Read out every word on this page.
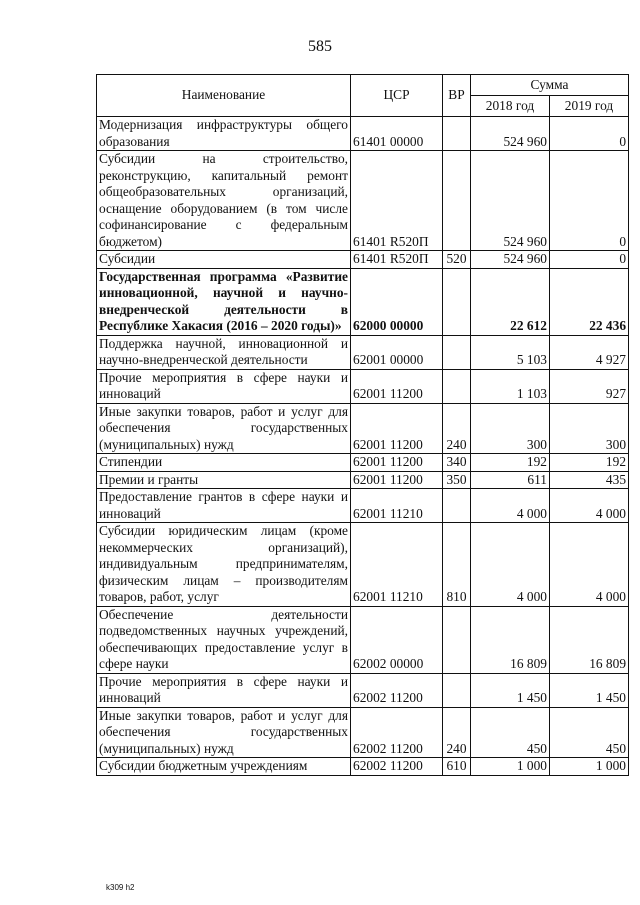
585
Наименование	ЦСР	ВР	Сумма	
			2018 год	2019 год
Модернизация инфраструктуры общего образования	61401 00000		524 960	0
Субсидии на строительство, реконструкцию, капитальный ремонт общеобразовательных организаций, оснащение оборудованием (в том числе софинансирование с федеральным бюджетом)	61401 R520П		524 960	0
Субсидии	61401 R520П	520	524 960	0
Государственная программа «Развитие инновационной, научной и научно-внедренческой деятельности в Республике Хакасия (2016 – 2020 годы)»	62000 00000		22 612	22 436
Поддержка научной, инновационной и научно-внедренческой деятельности	62001 00000		5 103	4 927
Прочие мероприятия в сфере науки и инноваций	62001 11200		1 103	927
Иные закупки товаров, работ и услуг для обеспечения государственных (муниципальных) нужд	62001 11200	240	300	300
Стипендии	62001 11200	340	192	192
Премии и гранты	62001 11200	350	611	435
Предоставление грантов в сфере науки и инноваций	62001 11210		4 000	4 000
Субсидии юридическим лицам (кроме некоммерческих организаций), индивидуальным предпринимателям, физическим лицам – производителям товаров, работ, услуг	62001 11210	810	4 000	4 000
Обеспечение деятельности подведомственных научных учреждений, обеспечивающих предоставление услуг в сфере науки	62002 00000		16 809	16 809
Прочие мероприятия в сфере науки и инноваций	62002 11200		1 450	1 450
Иные закупки товаров, работ и услуг для обеспечения государственных (муниципальных) нужд	62002 11200	240	450	450
Субсидии бюджетным учреждениям	62002 11200	610	1 000	1 000
k309 h2
